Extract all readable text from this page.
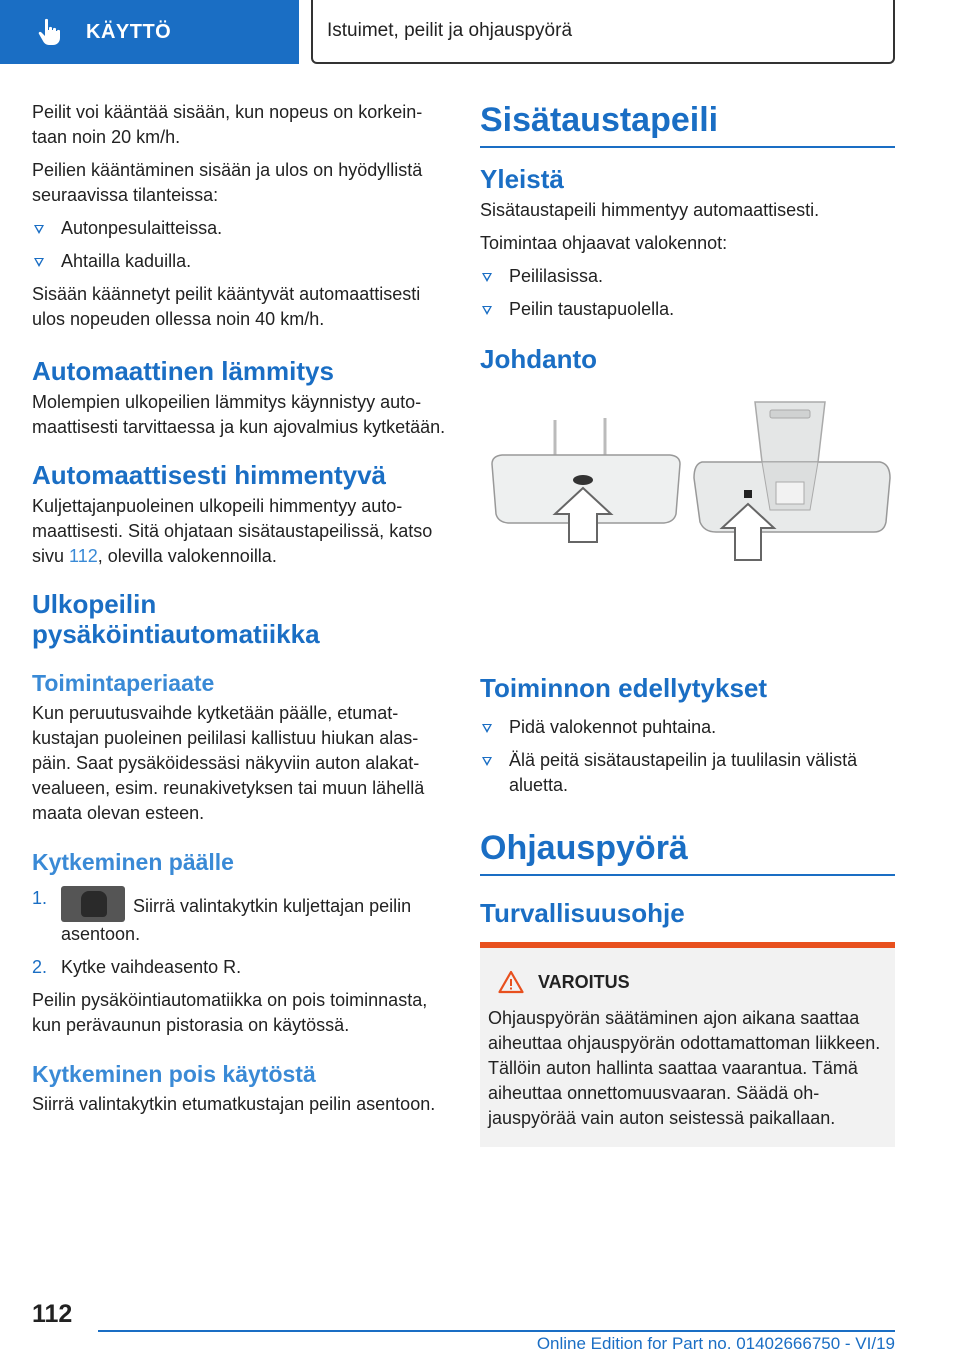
KÄYTTÖ	Istuimet, peilit ja ohjauspyörä

Peilit voi kääntää sisään, kun nopeus on korkeintaan noin 20 km/h.

Peilien kääntäminen sisään ja ulos on hyödyllistä seuraavissa tilanteissa:

Autonpesulaitteissa.
Ahtailla kaduilla.

Sisään käännetyt peilit kääntyvät automaattisesti ulos nopeuden ollessa noin 40 km/h.

Automaattinen lämmitys

Molempien ulkopeilien lämmitys käynnistyy automaattisesti tarvittaessa ja kun ajovalmius kytketään.

Automaattisesti himmentyvä

Kuljettajanpuoleinen ulkopeili himmentyy automaattisesti. Sitä ohjataan sisätaustapeilissä, katso sivu 112, olevilla valokennoilla.

Ulkopeilin pysäköintiautomatiikka
Toimintaperiaate

Kun peruutusvaihde kytketään päälle, etumatkustajan puoleinen peililasi kallistuu hiukan alaspäin. Saat pysäköidessäsi näkyviin auton alakatvealueen, esim. reunakivetyksen tai muun lähellä maata olevan esteen.

Kytkeminen päälle
1.	Siirrä valintakytkin kuljettajan peilin asentoon.
2. Kytke vaihdeasento R.

Peilin pysäköintiautomatiikka on pois toiminnasta, kun perävaunun pistorasia on käytössä.

Kytkeminen pois käytöstä

Siirrä valintakytkin etumatkustajan peilin asentoon.

Sisätaustapeili
Yleistä

Sisätaustapeili himmentyy automaattisesti.

Toimintaa ohjaavat valokennot:

Peililasissa.
Peilin taustapuolella.
Johdanto
Toiminnon edellytykset
Pidä valokennot puhtaina.
Älä peitä sisätaustapeilin ja tuulilasin välistä aluetta.
Ohjauspyörä
Turvallisuusohje
VAROITUS

Ohjauspyörän säätäminen ajon aikana saattaa aiheuttaa ohjauspyörän odottamattoman liikkeen. Tällöin auton hallinta saattaa vaarantua. Tämä aiheuttaa onnettomuusvaaran. Säädä ohjauspyörää vain auton seistessä paikallaan.

112
Online Edition for Part no. 01402666750 - VI/19
